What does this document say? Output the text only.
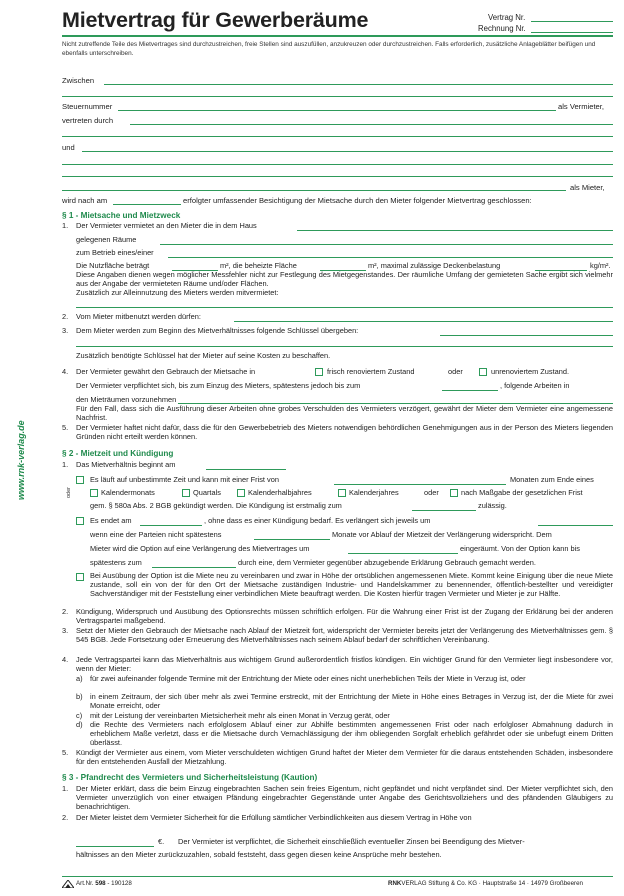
Mietvertrag für Gewerberäume	Vertrag Nr.
Rechnung Nr.
Nicht zutreffende Teile des Mietvertrages sind durchzustreichen, freie Stellen sind auszufüllen, anzukreuzen oder durchzustreichen. Falls erforderlich, zusätzliche Anlageblätter beifügen und ebenfalls unterschreiben.
Zwischen
Steuernummer	als Vermieter,
vertreten durch
und
als Mieter,
wird nach am	erfolgter umfassender Besichtigung der Mietsache durch den Mieter folgender Mietvertrag geschlossen:
§ 1 - Mietsache und Mietzweck
1. Der Vermieter vermietet an den Mieter die in dem Haus
gelegenen Räume
zum Betrieb eines/einer
Die Nutzfläche beträgt	m², die beheizte Fläche	m², maximal zulässige Deckenbelastung	kg/m².
Diese Angaben dienen wegen möglicher Messfehler nicht zur Festlegung des Mietgegenstandes. Der räumliche Umfang der gemieteten Sache ergibt sich vielmehr aus der Angabe der vermieteten Räume und/oder Flächen.
Zusätzlich zur Alleinnutzung des Mieters werden mitvermietet:
2. Vom Mieter mitbenutzt werden dürfen:
3. Dem Mieter werden zum Beginn des Mietverhältnisses folgende Schlüssel übergeben:
Zusätzlich benötigte Schlüssel hat der Mieter auf seine Kosten zu beschaffen.
4. Der Vermieter gewährt den Gebrauch der Mietsache in	frisch renoviertem Zustand	oder	unrenoviertem Zustand.
Der Vermieter verpflichtet sich, bis zum Einzug des Mieters, spätestens jedoch bis zum	, folgende Arbeiten in
den Mieträumen vorzunehmen
Für den Fall, dass sich die Ausführung dieser Arbeiten ohne grobes Verschulden des Vermieters verzögert, gewährt der Mieter dem Vermieter eine angemessene Nachfrist.
5. Der Vermieter haftet nicht dafür, dass die für den Gewerbebetrieb des Mieters notwendigen behördlichen Genehmigungen aus in der Person des Mieters liegenden Gründen nicht erteilt werden können.
§ 2 - Mietzeit und Kündigung
1. Das Mietverhältnis beginnt am
Es läuft auf unbestimmte Zeit und kann mit einer Frist von	Monaten zum Ende eines
oder	Kalendermonats	Quartals	Kalenderhalbjahres	Kalenderjahres	oder	nach Maßgabe der gesetzlichen Frist
gem. § 580a Abs. 2 BGB gekündigt werden. Die Kündigung ist erstmalig zum	zulässig.
Es endet am	, ohne dass es einer Kündigung bedarf. Es verlängert sich jeweils um
wenn eine der Parteien nicht spätestens	Monate vor Ablauf der Mietzeit der Verlängerung widerspricht. Dem
Mieter wird die Option auf eine Verlängerung des Mietvertrages um	eingeräumt. Von der Option kann bis
spätestens zum	durch eine, dem Vermieter gegenüber abzugebende Erklärung Gebrauch gemacht werden.
Bei Ausübung der Option ist die Miete neu zu vereinbaren und zwar in Höhe der ortsüblichen angemessenen Miete. Kommt keine Einigung über die neue Miete zustande, soll ein von der für den Ort der Mietsache zuständigen Industrie- und Handelskammer zu benennender, öffentlich-bestellter und vereidigter Sachverständiger mit der Feststellung einer verbindlichen Miete beauftragt werden. Die Kosten hierfür tragen Vermieter und Mieter je zur Hälfte.
2. Kündigung, Widerspruch und Ausübung des Optionsrechts müssen schriftlich erfolgen. Für die Wahrung einer Frist ist der Zugang der Erklärung bei der anderen Vertragspartei maßgebend.
3. Setzt der Mieter den Gebrauch der Mietsache nach Ablauf der Mietzeit fort, widerspricht der Vermieter bereits jetzt der Verlängerung des Mietverhältnisses gem. § 545 BGB. Jede Fortsetzung oder Erneuerung des Mietverhältnisses nach seinem Ablauf bedarf der schriftlichen Vereinbarung.
4. Jede Vertragspartei kann das Mietverhältnis aus wichtigem Grund außerordentlich fristlos kündigen. Ein wichtiger Grund für den Vermieter liegt insbesondere vor, wenn der Mieter:
a) für zwei aufeinander folgende Termine mit der Entrichtung der Miete oder eines nicht unerheblichen Teils der Miete in Verzug ist, oder
b) in einem Zeitraum, der sich über mehr als zwei Termine erstreckt, mit der Entrichtung der Miete in Höhe eines Betrages in Verzug ist, der die Miete für zwei Monate erreicht, oder
c) mit der Leistung der vereinbarten Mietsicherheit mehr als einen Monat in Verzug gerät, oder
d) die Rechte des Vermieters nach erfolglosem Ablauf einer zur Abhilfe bestimmten angemessenen Frist oder nach erfolgloser Abmahnung dadurch in erheblichem Maße verletzt, dass er die Mietsache durch Vernachlässigung der ihm obliegenden Sorgfalt erheblich gefährdet oder sie unbefugt einem Dritten überlässt.
5. Kündigt der Vermieter aus einem, vom Mieter verschuldeten wichtigen Grund haftet der Mieter dem Vermieter für die daraus entstehenden Schäden, insbesondere für den entstehenden Ausfall der Mietzahlung.
§ 3 - Pfandrecht des Vermieters und Sicherheitsleistung (Kaution)
1. Der Mieter erklärt, dass die beim Einzug eingebrachten Sachen sein freies Eigentum, nicht gepfändet und nicht verpfändet sind. Der Mieter verpflichtet sich, den Vermieter unverzüglich von einer etwaigen Pfändung eingebrachter Gegenstände unter Angabe des Gerichtsvollziehers und des pfändenden Gläubigers zu benachrichtigen.
2. Der Mieter leistet dem Vermieter Sicherheit für die Erfüllung sämtlicher Verbindlichkeiten aus diesem Vertrag in Höhe von
€. Der Vermieter ist verpflichtet, die Sicherheit einschließlich eventueller Zinsen bei Beendigung des Mietver-
hältnisses an den Mieter zurückzuzahlen, sobald feststeht, dass gegen diesen keine Ansprüche mehr bestehen.
www.rnk-verlag.de
Art.Nr. 598 - 190128	RNKVERLAG Stiftung & Co. KG · Hauptstraße 14 · 14979 Großbeeren
